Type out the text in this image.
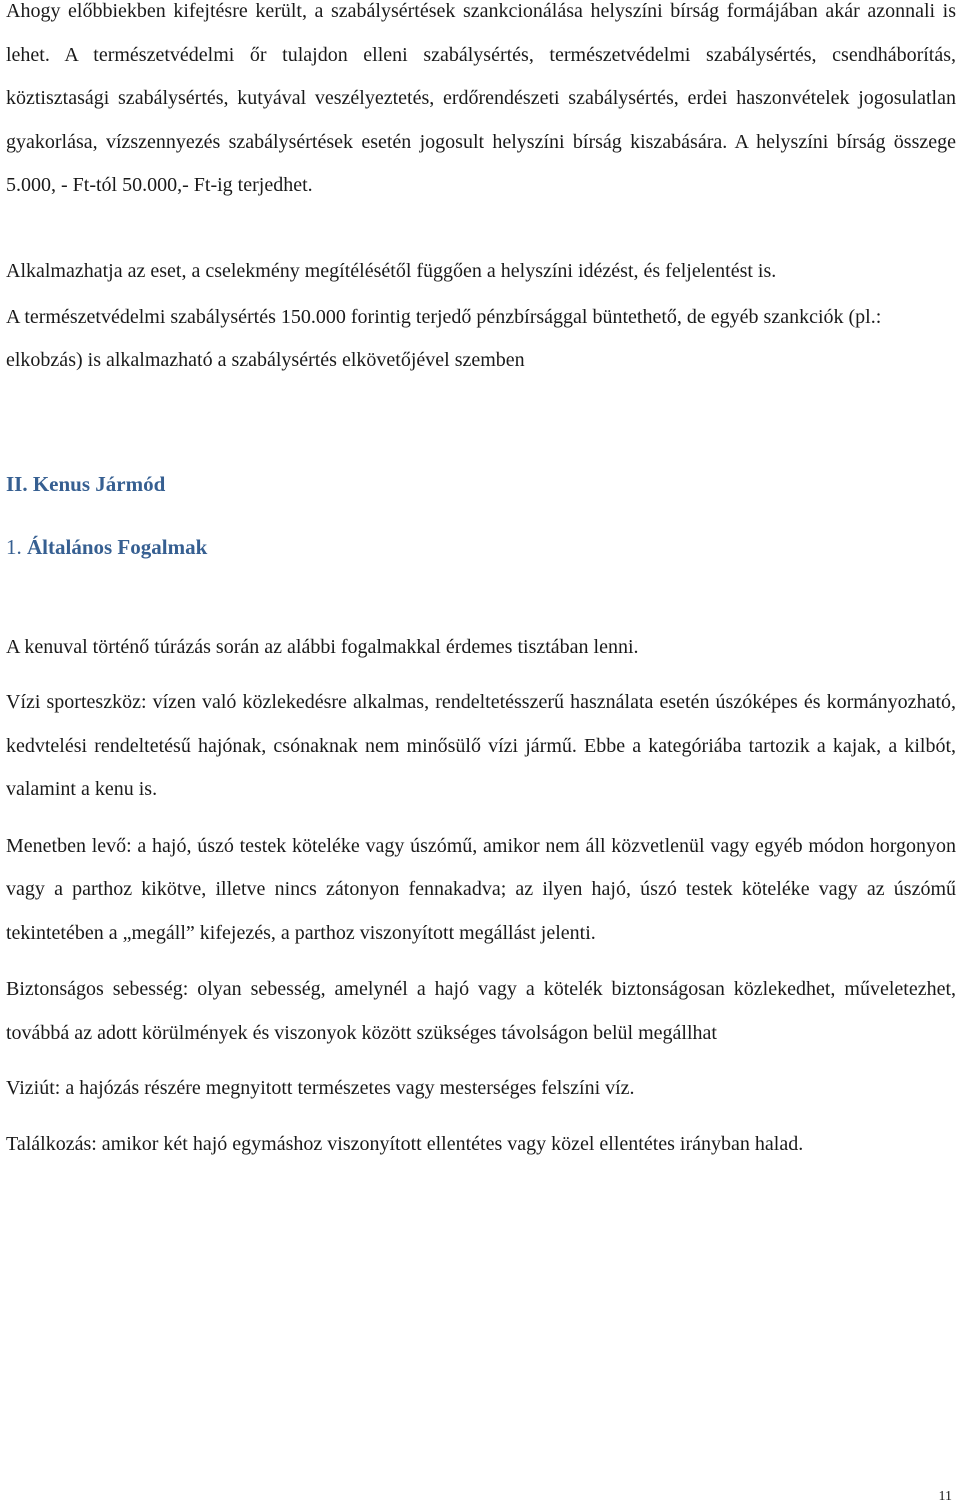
Ahogy előbbiekben kifejtésre került, a szabálysértések szankcionálása helyszíni bírság formájában akár azonnali is lehet. A természetvédelmi őr tulajdon elleni szabálysértés, természetvédelmi szabálysértés, csendháborítás, köztisztasági szabálysértés, kutyával veszélyeztetés, erdőrendészeti szabálysértés, erdei haszonvételek jogosulatlan gyakorlása, vízszennyezés szabálysértések esetén jogosult helyszíni bírság kiszabására. A helyszíni bírság összege 5.000, - Ft-tól 50.000,- Ft-ig terjedhet.

Alkalmazhatja az eset, a cselekmény megítélésétől függően a helyszíni idézést, és feljelentést is.

A természetvédelmi szabálysértés 150.000 forintig terjedő pénzbírsággal büntethető, de egyéb szankciók (pl.: elkobzás) is alkalmazható a szabálysértés elkövetőjével szemben

II. Kenus Jármód
1. Általános Fogalmak

A kenuval történő túrázás során az alábbi fogalmakkal érdemes tisztában lenni.

Vízi sporteszköz: vízen való közlekedésre alkalmas, rendeltetésszerű használata esetén úszóképes és kormányozható, kedvtelési rendeltetésű hajónak, csónaknak nem minősülő vízi jármű. Ebbe a kategóriába tartozik a kajak, a kilbót, valamint a kenu is.

Menetben levő: a hajó, úszó testek köteléke vagy úszómű, amikor nem áll közvetlenül vagy egyéb módon horgonyon vagy a parthoz kikötve, illetve nincs zátonyon fennakadva; az ilyen hajó, úszó testek köteléke vagy az úszómű tekintetében a „megáll” kifejezés, a parthoz viszonyított megállást jelenti.

Biztonságos sebesség: olyan sebesség, amelynél a hajó vagy a kötelék biztonságosan közlekedhet, műveletezhet, továbbá az adott körülmények és viszonyok között szükséges távolságon belül megállhat

Viziút: a hajózás részére megnyitott természetes vagy mesterséges felszíni víz.

Találkozás: amikor két hajó egymáshoz viszonyított ellentétes vagy közel ellentétes irányban halad.

11
